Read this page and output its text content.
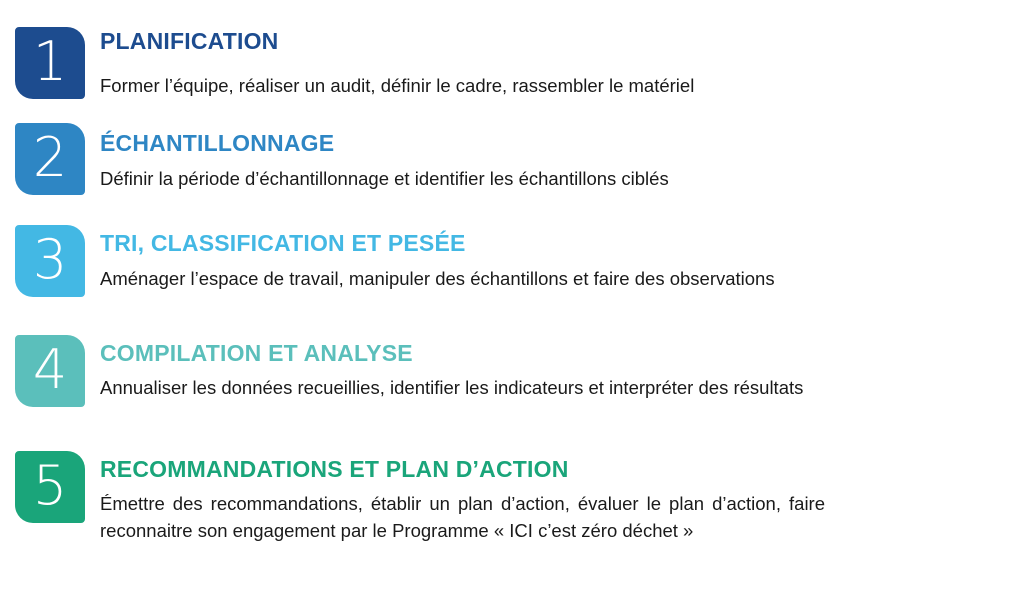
1	PLANIFICATION
Former l’équipe, réaliser un audit, définir le cadre, rassembler le matériel
2	ÉCHANTILLONNAGE
Définir la période d’échantillonnage et identifier les échantillons ciblés
3	TRI, CLASSIFICATION ET PESÉE
Aménager l’espace de travail, manipuler des échantillons et faire des observations
4	COMPILATION ET ANALYSE
Annualiser les données recueillies, identifier les indicateurs et interpréter des résultats
5	RECOMMANDATIONS ET PLAN D’ACTION
Émettre des recommandations, établir un plan d’action, évaluer le plan d’action, faire reconnaitre son engagement par le Programme « ICI c’est zéro déchet »
